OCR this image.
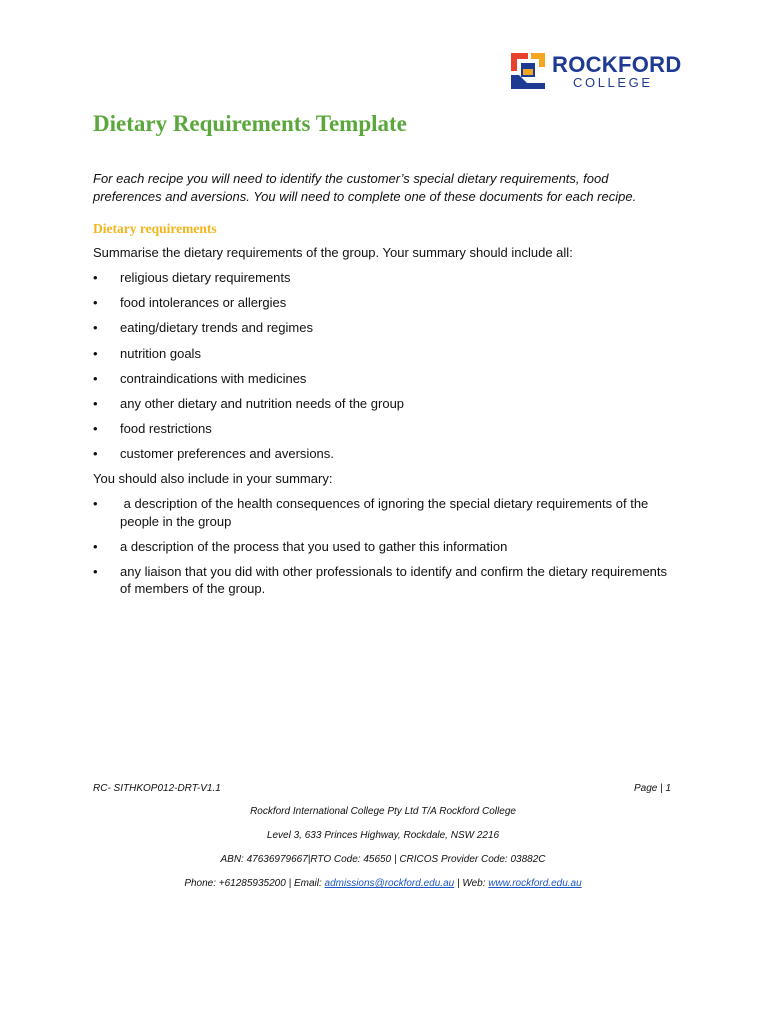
ROCKFORD
COLLEGE
Dietary Requirements Template

For each recipe you will need to identify the customer’s special dietary requirements, food preferences and aversions. You will need to complete one of these documents for each recipe.

Dietary requirements

Summarise the dietary requirements of the group. Your summary should include all:

• religious dietary requirements
• food intolerances or allergies
• eating/dietary trends and regimes
• nutrition goals
• contraindications with medicines
• any other dietary and nutrition needs of the group
• food restrictions
• customer preferences and aversions.

You should also include in your summary:

• a description of the health consequences of ignoring the special dietary requirements of the people in the group
• a description of the process that you used to gather this information
• any liaison that you did with other professionals to identify and confirm the dietary requirements of members of the group.

RC- SITHKOP012-DRT-V1.1	Page | 1

Rockford International College Pty Ltd T/A Rockford College

Level 3, 633 Princes Highway, Rockdale, NSW 2216

ABN: 47636979667|RTO Code: 45650 | CRICOS Provider Code: 03882C

Phone: +61285935200 | Email: admissions@rockford.edu.au | Web: www.rockford.edu.au
